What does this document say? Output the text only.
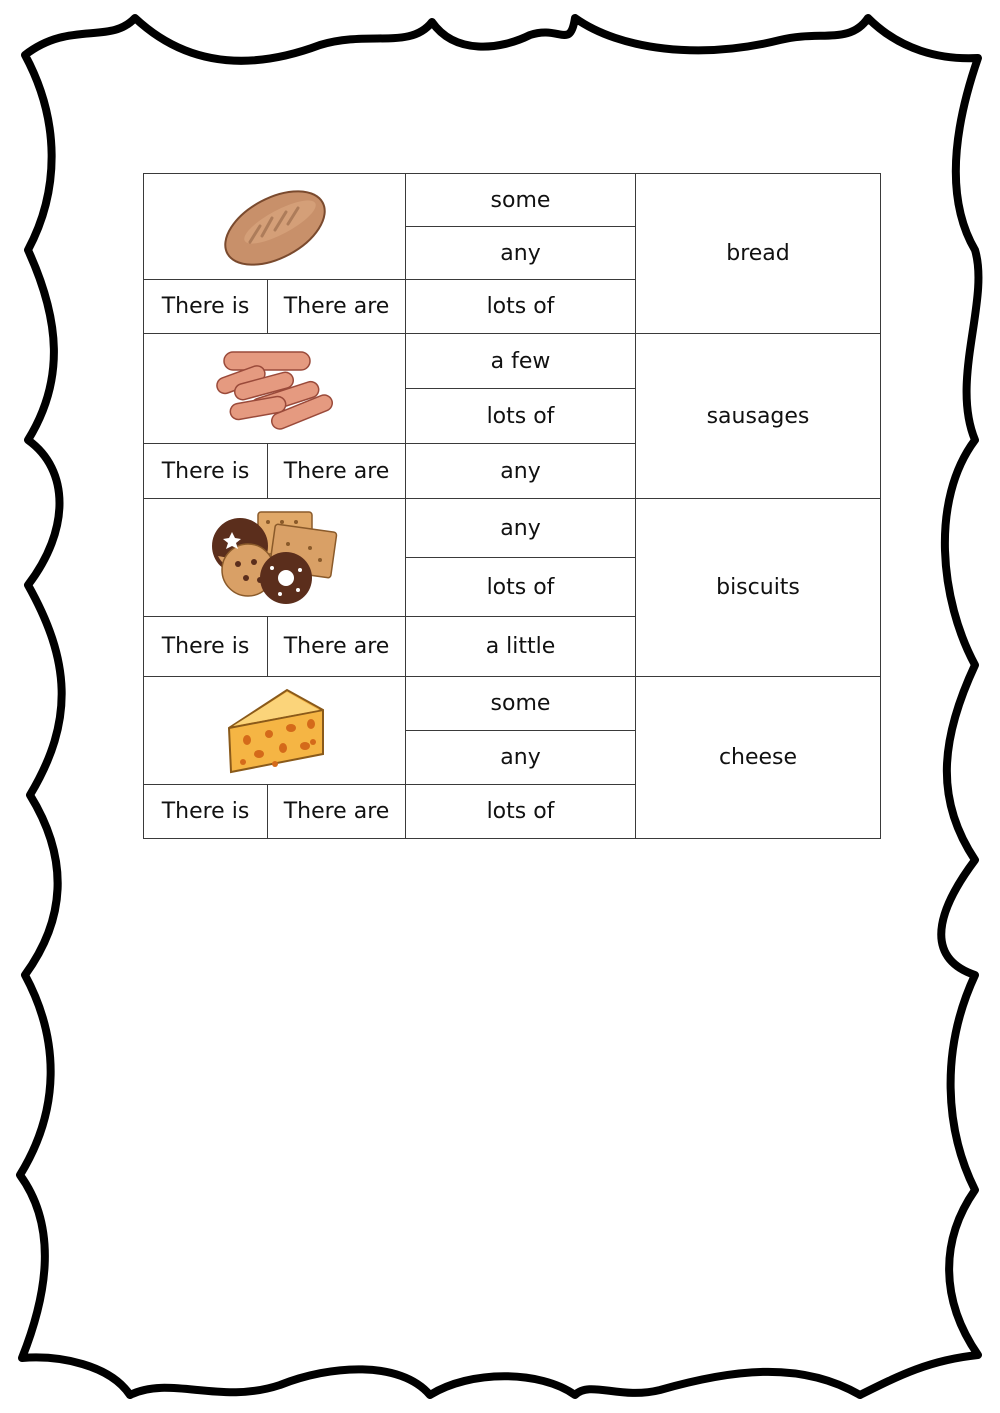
	some	bread
		any	
There is	There are	lots of	

	a few	sausages
		lots of	
There is	There are	any	

	any	biscuits
		lots of	
There is	There are	a little	

	some	cheese
		any	
There is	There are	lots of	
